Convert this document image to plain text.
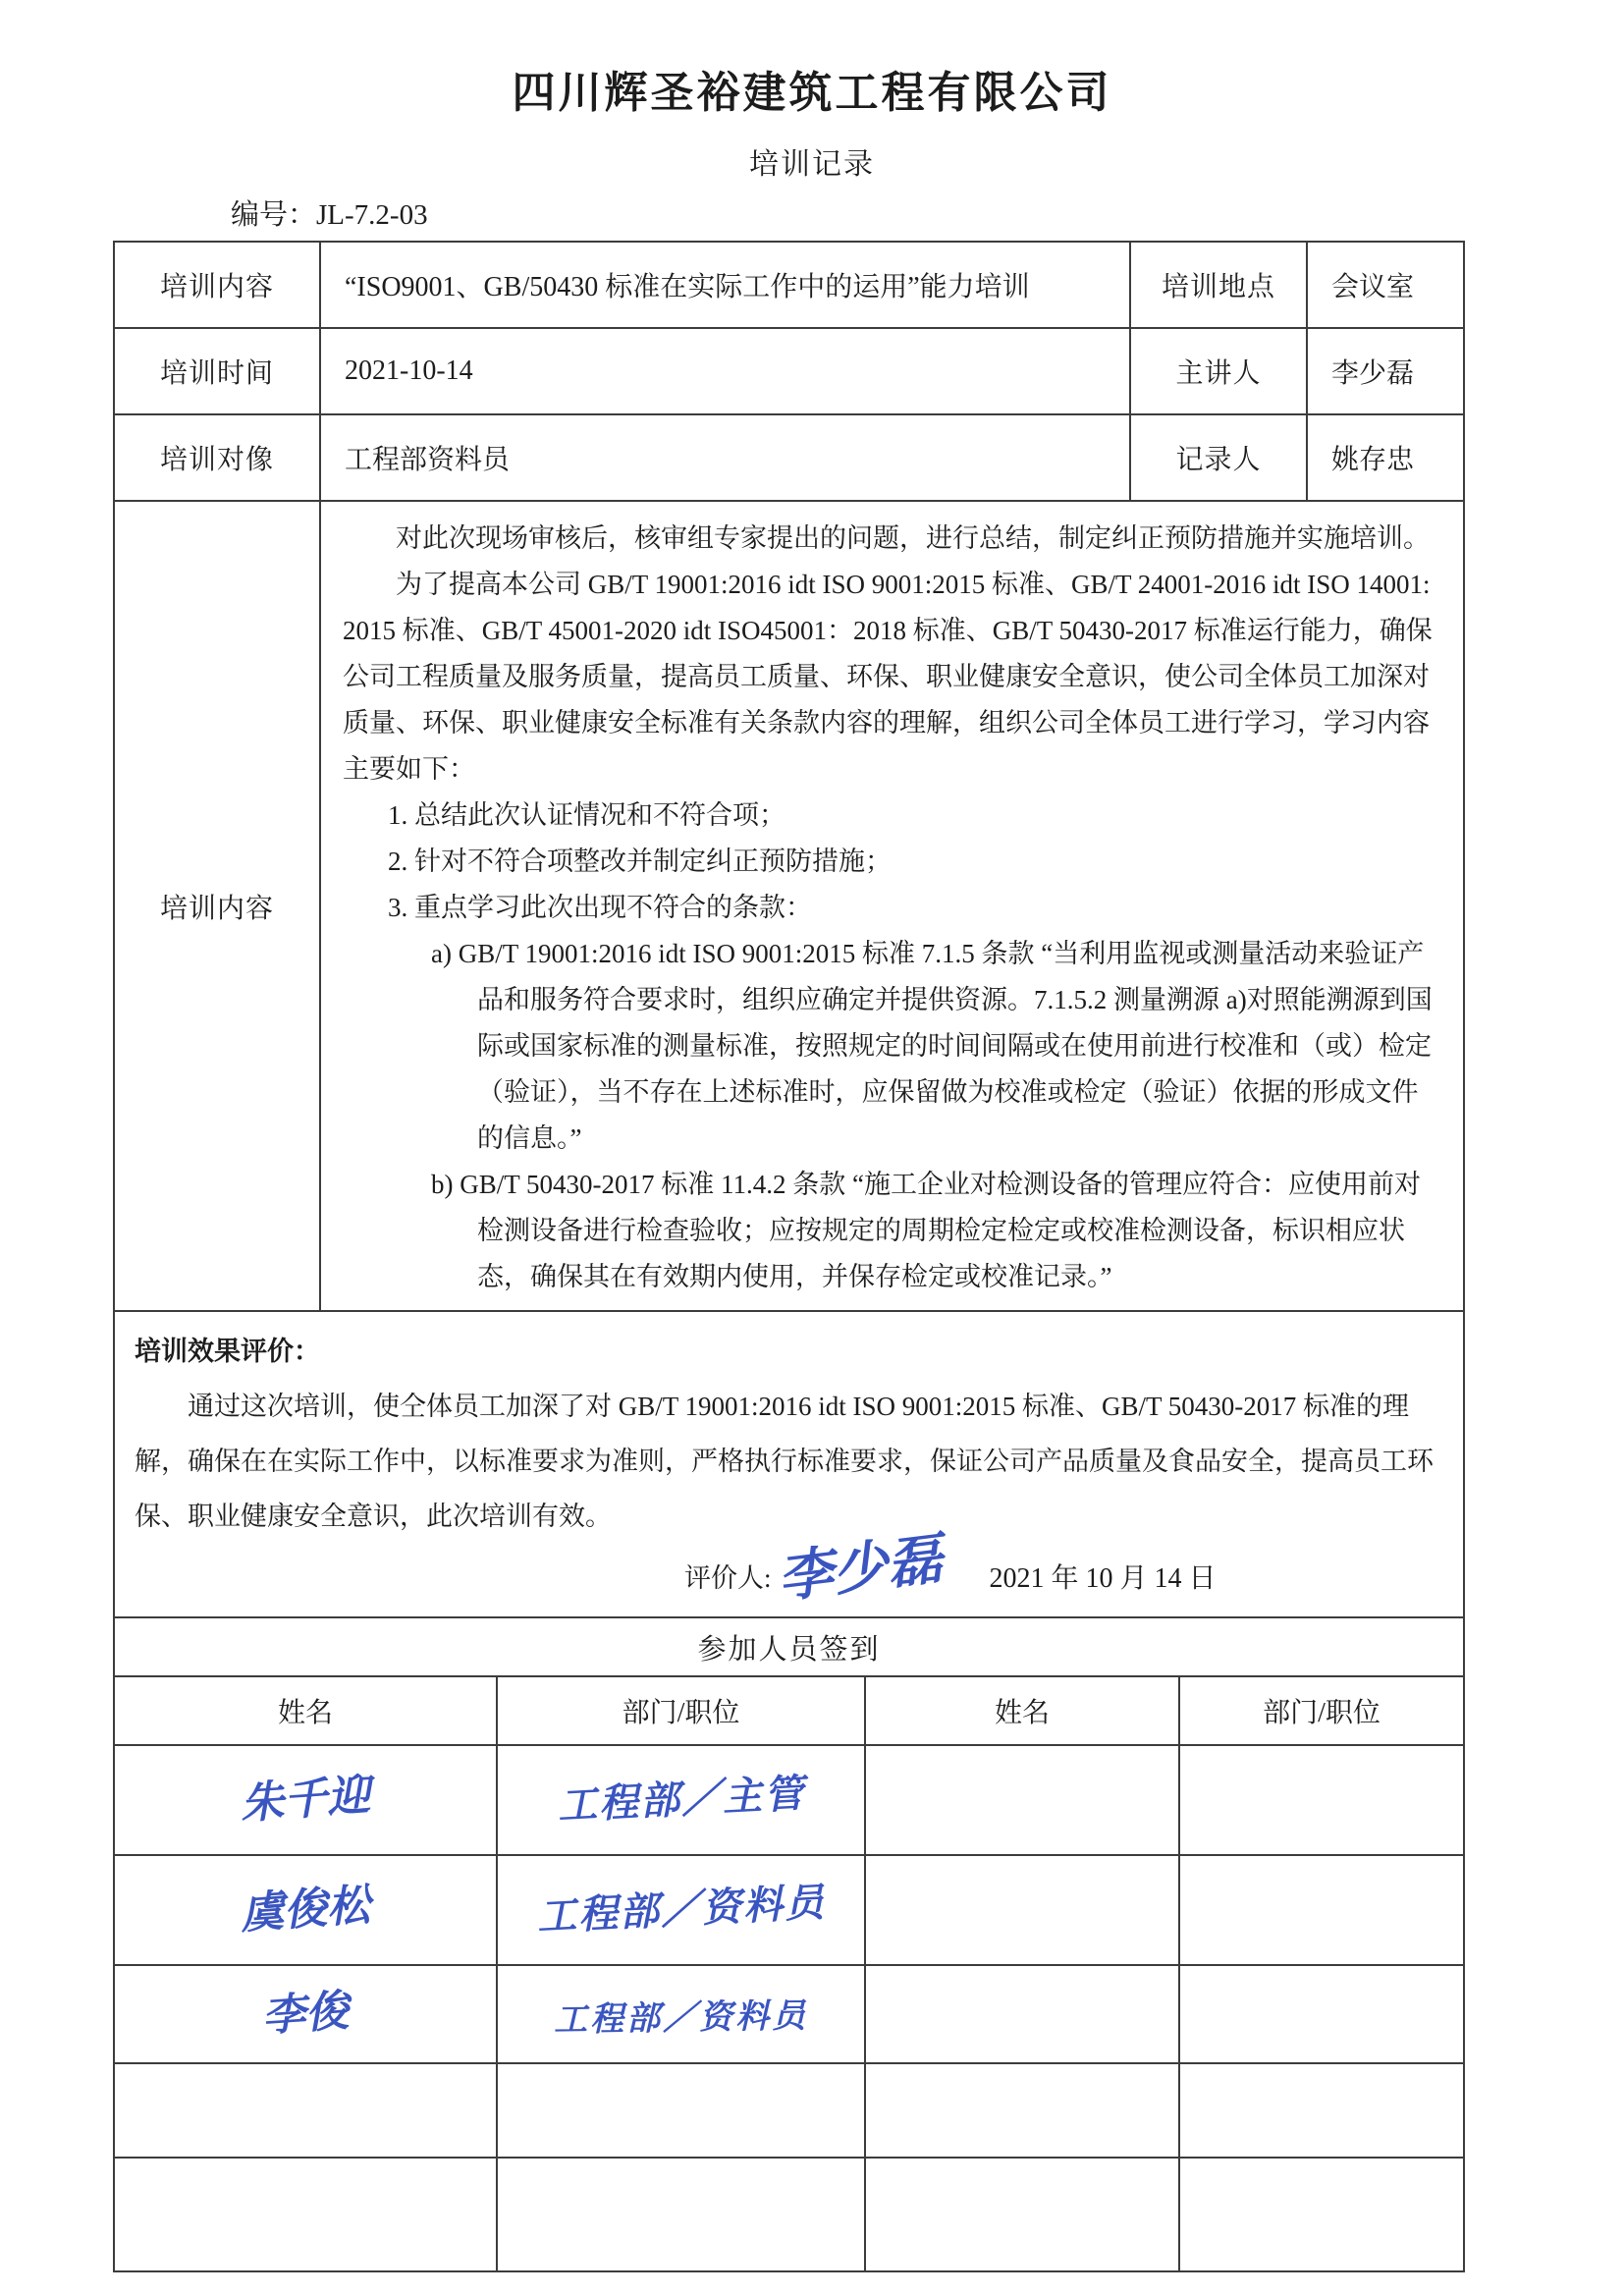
四川辉圣裕建筑工程有限公司
培训记录
编号：JL-7.2-03
培训内容	“ISO9001、GB/50430 标准在实际工作中的运用”能力培训	培训地点	会议室
培训时间	2021-10-14	主讲人	李少磊
培训对像	工程部资料员	记录人	姚存忠
培训内容	

对此次现场审核后，核审组专家提出的问题，进行总结，制定纠正预防措施并实施培训。

为了提高本公司 GB/T 19001:2016 idt ISO 9001:2015 标准、GB/T 24001-2016 idt ISO 14001:2015 标准、GB/T 45001-2020 idt ISO45001：2018 标准、GB/T 50430-2017 标准运行能力，确保公司工程质量及服务质量，提高员工质量、环保、职业健康安全意识，使公司全体员工加深对质量、环保、职业健康安全标准有关条款内容的理解，组织公司全体员工进行学习，学习内容主要如下：

1. 总结此次认证情况和不符合项；
2. 针对不符合项整改并制定纠正预防措施；
3. 重点学习此次出现不符合的条款：
a) GB/T 19001:2016 idt ISO 9001:2015 标准 7.1.5 条款 “当利用监视或测量活动来验证产品和服务符合要求时，组织应确定并提供资源。7.1.5.2 测量溯源 a)对照能溯源到国际或国家标准的测量标准，按照规定的时间间隔或在使用前进行校准和（或）检定（验证），当不存在上述标准时，应保留做为校准或检定（验证）依据的形成文件的信息。”
b) GB/T 50430-2017 标准 11.4.2 条款 “施工企业对检测设备的管理应符合：应使用前对检测设备进行检查验收；应按规定的周期检定检定或校准检测设备，标识相应状态，确保其在有效期内使用，并保存检定或校准记录。”

培训效果评价：

通过这次培训，使仝体员工加深了对 GB/T 19001:2016 idt ISO 9001:2015 标准、GB/T 50430-2017 标准的理解，确保在在实际工作中，以标准要求为准则，严格执行标准要求，保证公司产品质量及食品安全，提高员工环保、职业健康安全意识，此次培训有效。

评价人:李少磊 2021 年 10 月 14 日			

参加人员签到			
姓名	部门/职位	姓名	部门/职位
朱千迎	工程部／主管		
虞俊松	工程部／资料员		
李俊	工程部／资料员		
